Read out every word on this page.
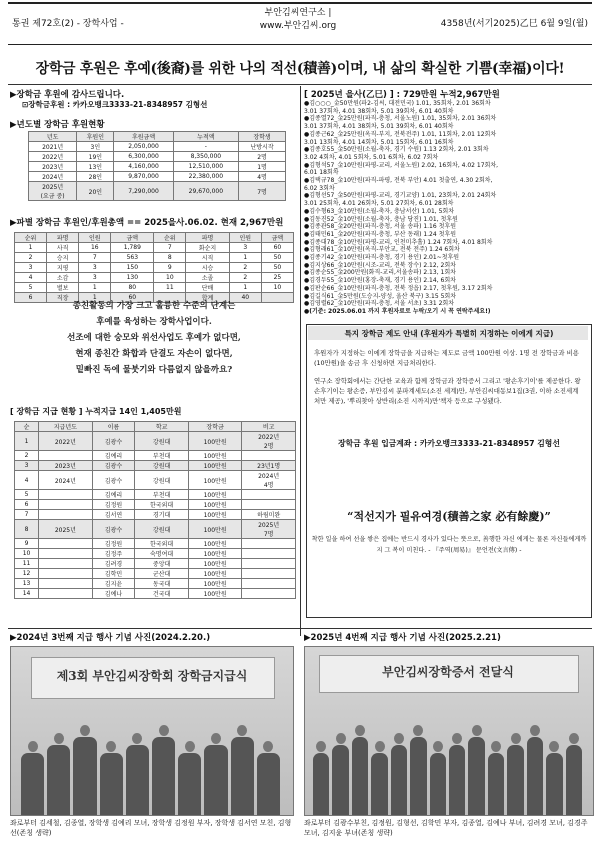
통권 제72호(2) - 장학사업 -
부안김씨연구소 |
www.부안김씨.org	4358년(서기2025)乙巳 6월 9일(월)
장학금 후원은 후예(後裔)를 위한 나의 적선(積善)이며, 내 삶의 확실한 기쁨(幸福)이다!
▶장학금 후원에 감사드립니다.
⊡장학금후원 : 카카오뱅크3333-21-8348957 김형선
▶년도별 장학금 후원현황
년도	후원인	후원금액	누적액	장학생
2021년	3인	2,050,000	-	난방시작
2022년	19인	6,300,000	8,350,000	2명
2023년	13인	4,160,000	12,510,000	1명
2024년	28인	9,870,000	22,380,000	4명
2025년
(요금 중)	20인	7,290,000	29,670,000	7명
▶파별 장학금 후원인/후원총액 == 2025을사.06.02. 현재 2,967만원
순위	파명	인원	금액	순위	파명	인원	금액
1	사직	16	1,789	7	화순지	3	60
2	승지	7	563	8	시직	1	50
3	지평	3	150	9	시승	2	50
4	소감	3	130	10	소졸	2	25
5	별보	1	80	11	단배	1	10
6	직장	1	60		합계	40	
종친활동의 가장 크고 훌륭한 수준의 단계는
후예를 육성하는 장학사업이다.
선조에 대한 숭모와 위선사업도 후예가 없다면,
현재 종친간 화합과 단결도 자손이 없다면,
밑빠진 독에 물붓기와 다름없지 않을까요?
[ 장학금 지급 현황 ] 누적지급 14인 1,405만원
순	지급년도	이름	학교	장학금	비고
1	2022년	김광수	강원대	100만원	2022년
2명
2		김예리	부천대	100만원	
3	2023년	김광수	강원대	100만원	23년1명
4	2024년	김광수	강원대	100만원	2024년
4명
5		김예리	부천대	100만원	
6		김정원	한국외대	100만원	
7		김서연	경기대	100만원	하림미완
8	2025년	김광수	강원대	100만원	2025년
7명
9		김정원	한국외대	100만원	
10		김정주	숙명여대	100만원	
11		김려경	중앙대	100만원	
12		김학민	군산대	100만원	
13		김지윤	동국대	100만원	
14		김예나	건국대	100만원	
[ 2025년 을사(乙巳) ] : 729만원 누적2,967만원
●김○○○_金50만원(파2-김씨, 대전민국) 1.01, 35회차, 2.01 36회차
3.01 37회차, 4.01 38회차, 5.01 39회차, 6.01 40회차
●김종열72_金25만원(파직-충청, 서울노원) 1.01, 35회차, 2.01 36회차
3.01 37회차, 4.01 38회차, 5.01 39회차, 6.01 40회차
●김종근62_金25만원(옥직-부지, 전북전주) 1.01, 11회차, 2.01 12회차
3.01 13회차, 4.01 14회차, 5.01 15회차, 6.01 16회차
●김종호55_金50만원(소월-축자, 경기 수원) 1.13 2회차, 2.01 3회차
3.02 4회차, 4.01 5회차, 5.01 6회차, 6.02 7회차
●김형석57_金10만원(파평-교리, 서울노원) 2.02, 16회차, 4.02 17회차,
6.01 18회차
●김택규78_金10만원(파직-파평, 전북 부안) 4.01 첫출연, 4.30 2회차,
6.02 3회차
●김형선57_金50만원(파평-교리, 경기교양) 1.01, 23회차, 2.01 24회차
3.01 25회차, 4.01 26회차, 5.01 27회차, 6.01 28회차
●김수형63_金10만원(소월-축자, 충남서산) 1.01, 5회차
●김동진52_金10만원(소월-축자, 충남 당진) 1.01, 첫후원
●김종관58_金20만원(파직-충청, 서울 송파) 1.16 첫후원
●김태민61_金20만원(파직-충청, 부산 동래) 1.24 첫후원
●김종대78_金10만원(파평-교리, 인천미추홀) 1.24 7회차, 4.01 8회차
●김형래61_金10만원(옥직-부안교, 전북 전주) 1.24 6회차
●김종기42_金10만원(파직-충청, 경기 용인) 2.01~첫후원
●김지상66_金10만원(시조-교리, 전북 장수) 2.12, 2회차
●김종순55_金200만원(화직-교리,서울송파) 2.13, 1회차
●김경두55_金10만원(홍장-축재, 경기 용인) 2.14, 6회차
●김판순66_金10만원(파직-충청, 전북 정읍) 2.17, 첫후원, 3.17 2회차
●김길식61_金5만원(도승지-양성, 울산 북구) 3.15 5회차
●김영렬62_金10만원(파직-충청, 서울 서초) 3.31 2회차
●(기준: 2025.06.01 까지 후원자료로 누락/오기 시 꼭 연락주세요!)
특지 장학금 제도 안내 (후원자가 특별히 지정하는 이에게 지급)
후원자가 지정하는 이에게 장학금을 지급하는 제도로 금액 100만원 이상. 1명 전 장학금과 비용(10만원)을 송금 후 신청하면 지급처리한다.
연구소 장학회에서는 간단한 교육과 함께 장학금과 장학증서 그리고 '왕손후기이'를 제공한다. 왕손후기이는 왕손증, 부안김씨 분파계세도(소진 세계)만, 부안김씨대동보1집(3권, 이하 소진세계처만 제공), '뿌리찾아 상반리(소진 시까지)만'책자 등으로 구성됐다.
장학금 후원 입금계좌 : 카카오뱅크3333-21-8348957 김형선
“적선지가 필유여경(積善之家 必有餘慶)”
착한 일을 하여 선을 쌓은 집에는 반드시 경사가 있다는 뜻으로, 善행한 자신 에게는 물론 자신들에게까지 그 복이 미친다. - 『주역(周易)』 문언전(文言傳) -
▶2024년 3번째 지급 행사 기념 사진(2024.2.20.)
제3회 부안김씨장학회 장학금지급식
좌로부터 김세철, 김종열, 장학생 김예리 모녀, 장학생 김정원 부자, 장학생 김서연 모친, 김형선(존칭 생략)
▶2025년 4번째 지급 행사 기념 사진(2025.2.21)
부안김씨장학증서 전달식
좌로부터 김광수부친, 김정원, 김형선, 김학민 부자, 김종열, 김예나 부녀, 김려경 모녀, 김경주 모녀, 김지윤 부녀(존칭 생략)
